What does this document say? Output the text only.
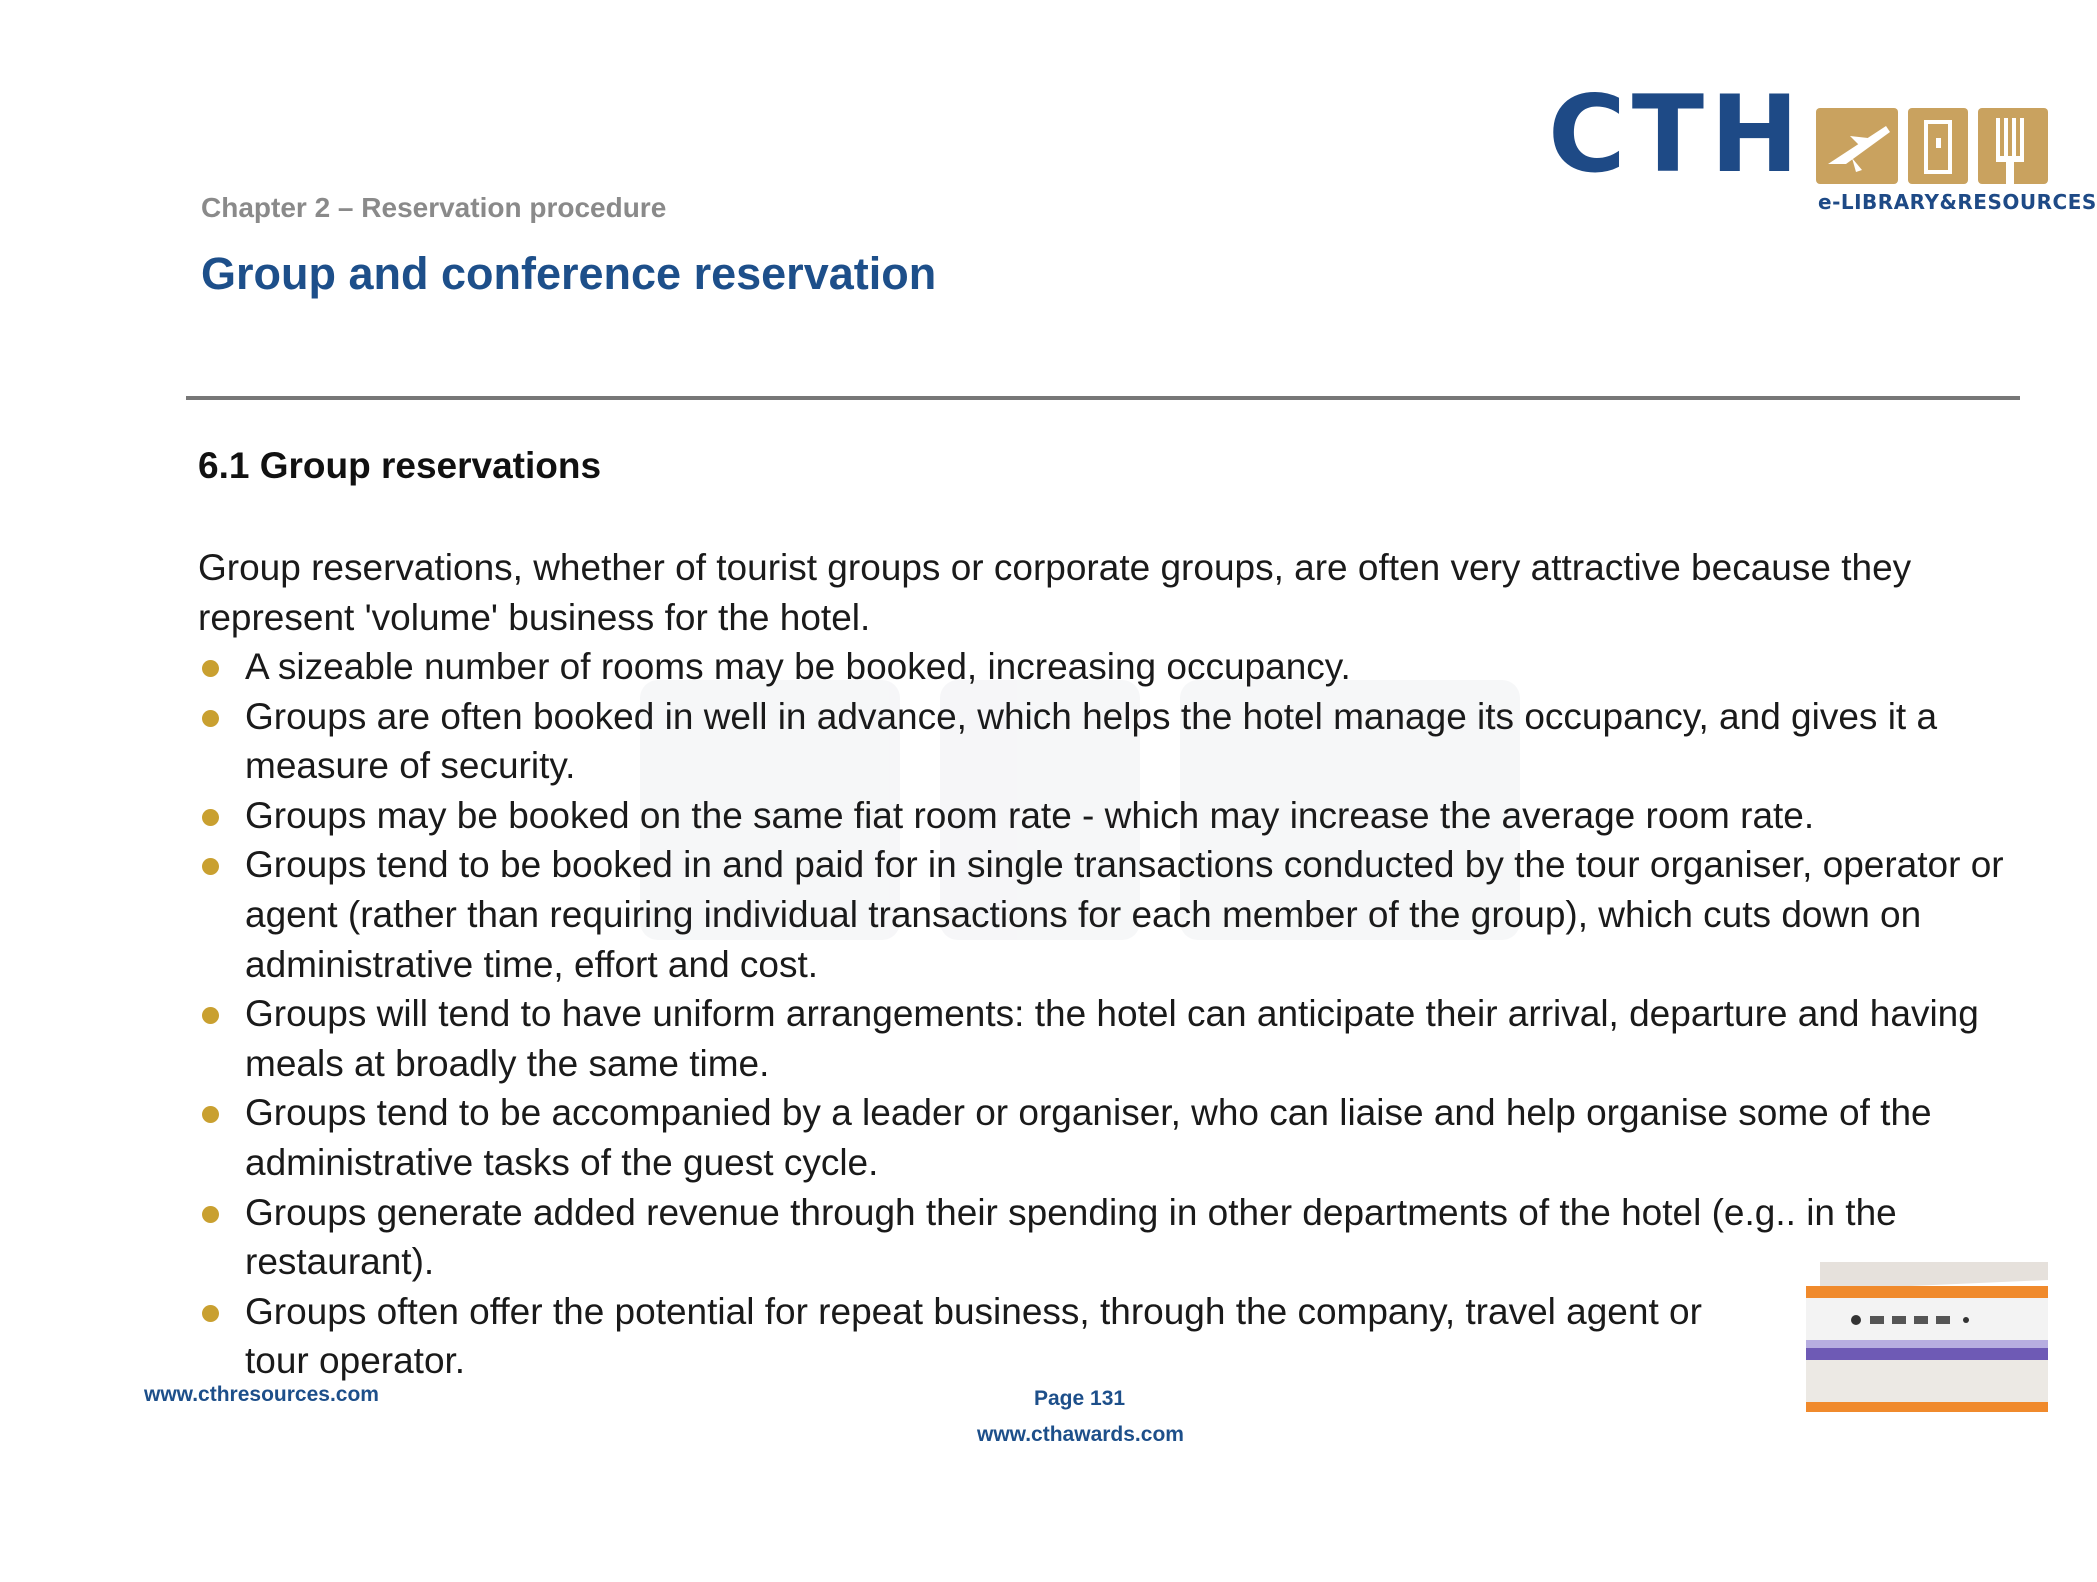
CTH
e-LIBRARY&RESOURCES
Chapter 2 – Reservation procedure
Group and conference reservation
6.1 Group reservations

Group reservations, whether of tourist groups or corporate groups, are often very attractive because they represent 'volume' business for the hotel.

A sizeable number of rooms may be booked, increasing occupancy.
Groups are often booked in well in advance, which helps the hotel manage its occupancy, and gives it a measure of security.
Groups may be booked on the same fiat room rate - which may increase the average room rate.
Groups tend to be booked in and paid for in single transactions conducted by the tour organiser, operator or agent (rather than requiring individual transactions for each member of the group), which cuts down on administrative time, effort and cost.
Groups will tend to have uniform arrangements: the hotel can anticipate their arrival, departure and having meals at broadly the same time.
Groups tend to be accompanied by a leader or organiser, who can liaise and help organise some of the administrative tasks of the guest cycle.
Groups generate added revenue through their spending in other departments of the hotel (e.g.. in the restaurant).
Groups often offer the potential for repeat business, through the company, travel agent or tour operator.
www.cthresources.com	Page 131
www.cthawards.com
